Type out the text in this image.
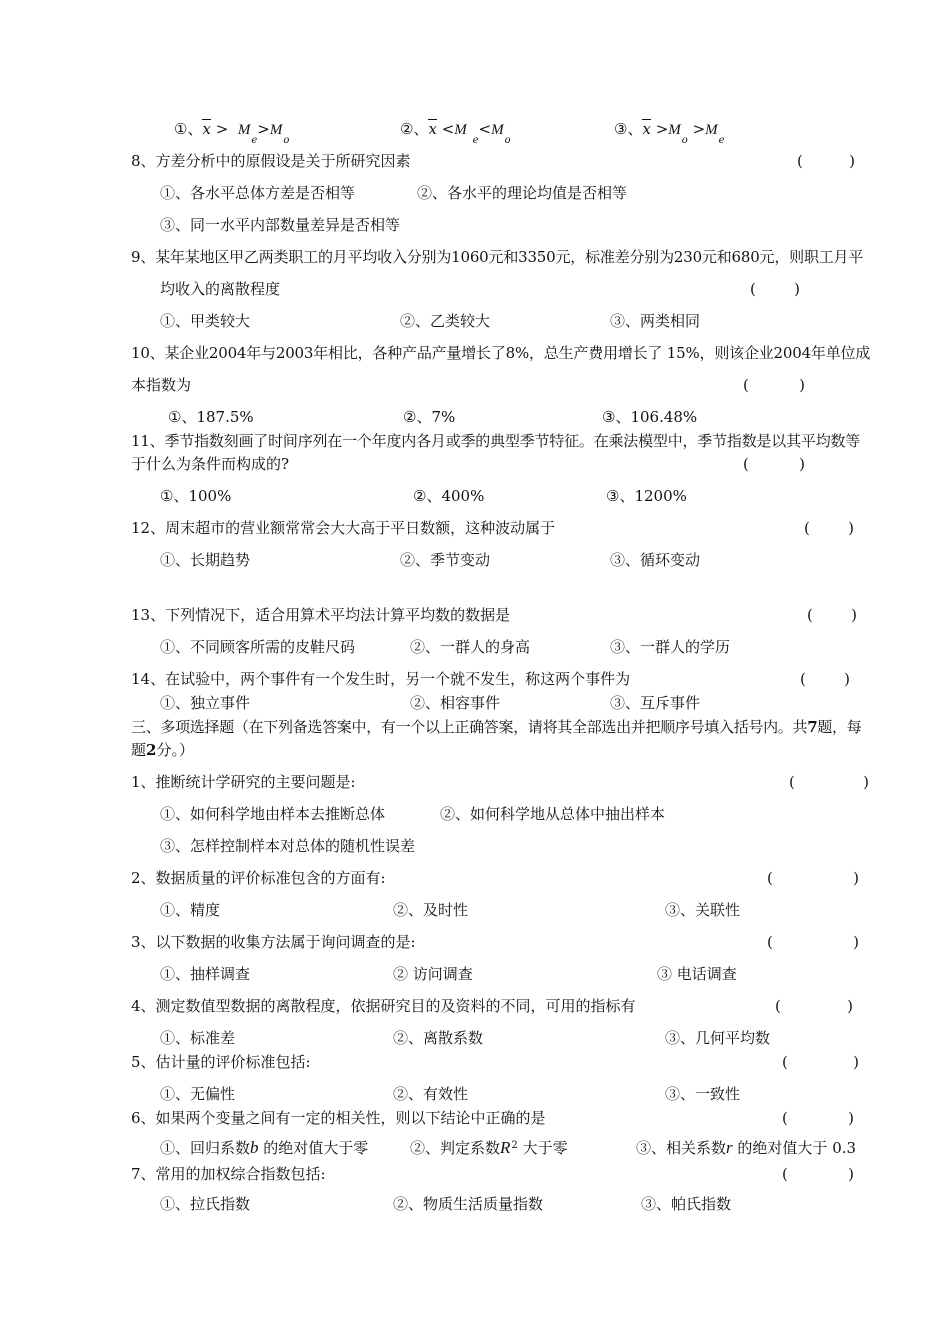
①、$x > M_e>M_o$
②、x <M $_e<M_o$
③、$x >M_o >M_e$
8、方差分析中的原假设是关于所研究因素	(	)
①、各水平总体方差是否相等	②、各水平的理论均值是否相等
③、同一水平内部数量差异是否相等
9、某年某地区甲乙两类职工的月平均收入分别为1060元和3350元，标准差分别为230元和680元，则职工月平
均收入的离散程度	(	)
①、甲类较大	②、乙类较大	③、两类相同
10、某企业2004年与2003年相比，各种产品产量增长了8%，总生产费用增长了 15%，则该企业2004年单位成
本指数为	(	)
①、187.5%	②、7%	③、106.48%
11、季节指数刻画了时间序列在一个年度内各月或季的典型季节特征。在乘法模型中，季节指数是以其平均数等
于什么为条件而构成的?	(	)
①、100%	②、400%	③、1200%
12、周末超市的营业额常常会大大高于平日数额，这种波动属于	(	)
①、长期趋势	②、季节变动	③、循环变动
13、下列情况下，适合用算术平均法计算平均数的数据是	(	)
①、不同顾客所需的皮鞋尺码	②、一群人的身高	③、一群人的学历
14、在试验中，两个事件有一个发生时，另一个就不发生，称这两个事件为	(	)
①、独立事件	②、相容事件	③、互斥事件
三、多项选择题（在下列备选答案中，有一个以上正确答案，请将其全部选出并把顺序号填入括号内。共7题，每
题2分。）
1、推断统计学研究的主要问题是:	(	)
①、如何科学地由样本去推断总体	②、如何科学地从总体中抽出样本
③、怎样控制样本对总体的随机性误差
2、数据质量的评价标准包含的方面有:	(	)
①、精度	②、及时性	③、关联性
3、以下数据的收集方法属于询问调查的是:	(	)
①、抽样调查	② 访问调查	③ 电话调查
4、测定数值型数据的离散程度，依据研究目的及资料的不同，可用的指标有	(	)
①、标准差	②、离散系数	③、几何平均数
5、估计量的评价标准包括:	(	)
①、无偏性	②、有效性	③、一致性
6、如果两个变量之间有一定的相关性，则以下结论中正确的是	(	)
①、回归系数b 的绝对值大于零	②、判定系数$R^2$ 大于零	③、相关系数r 的绝对值大于 0.3
7、常用的加权综合指数包括:	(	)
①、拉氏指数	②、物质生活质量指数	③、帕氏指数
